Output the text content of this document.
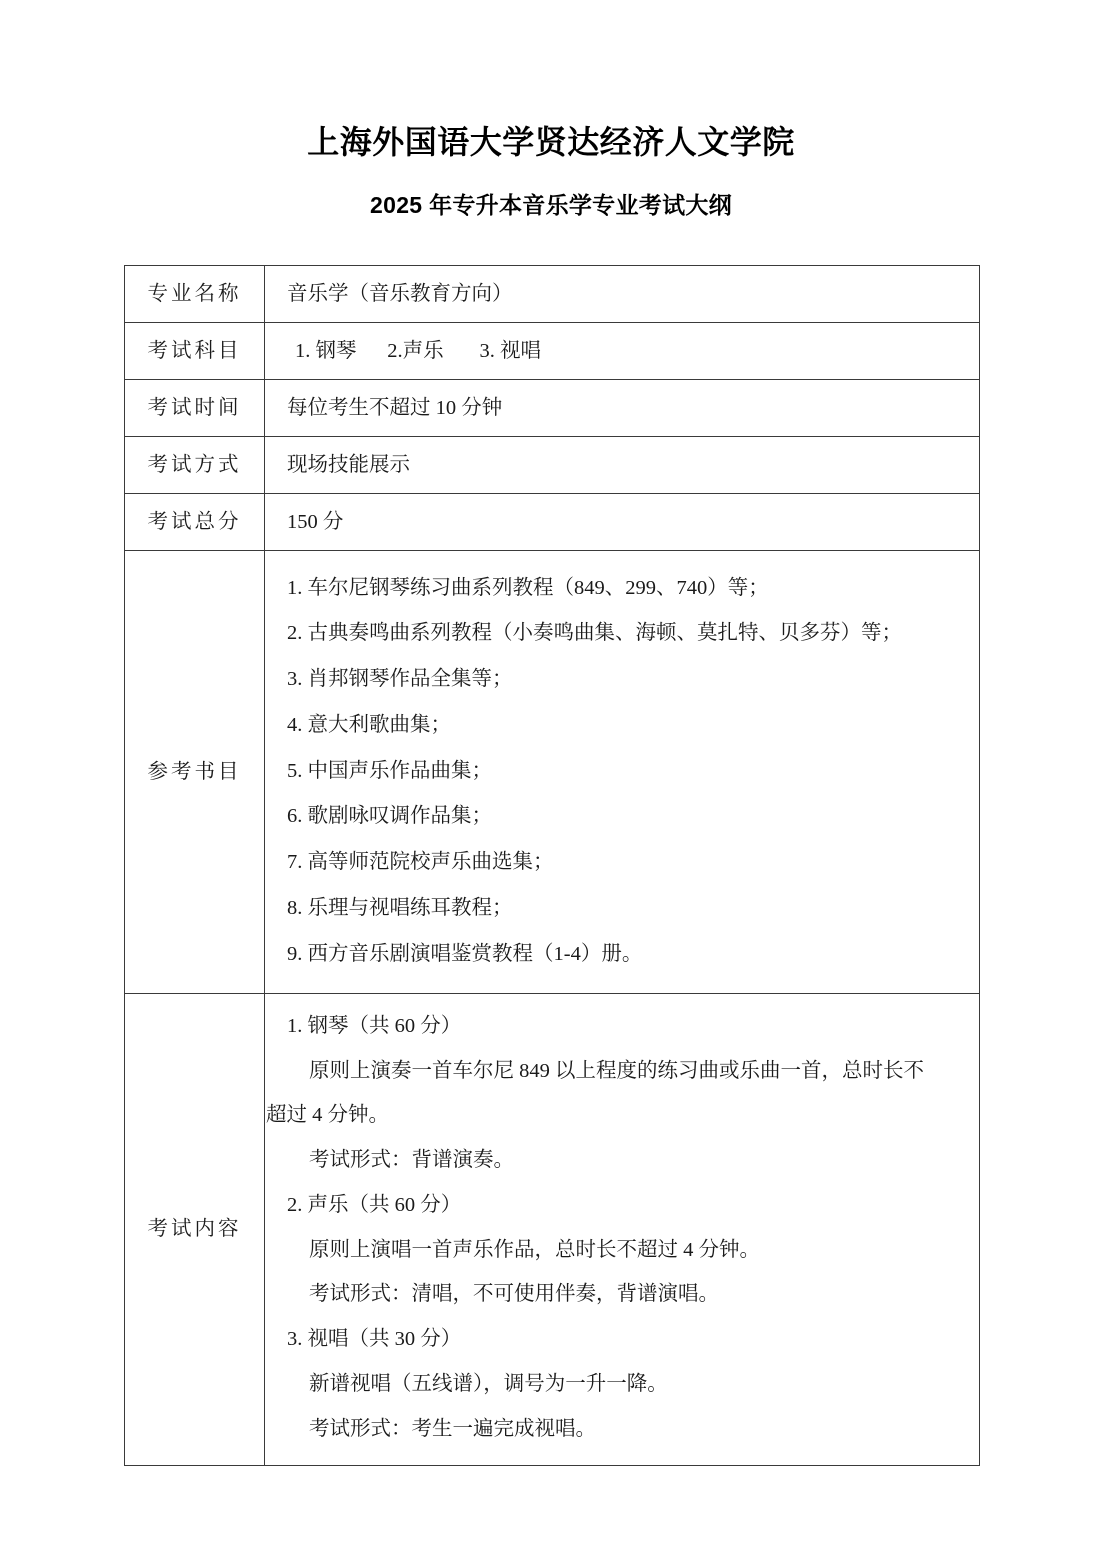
上海外国语大学贤达经济人文学院
2025 年专升本音乐学专业考试大纲
专业名称	音乐学（音乐教育方向）
考试科目	1. 钢琴      2.声乐       3. 视唱

考试时间	每位考生不超过 10 分钟
考试方式	现场技能展示
考试总分	150 分
参考书目	
1. 车尔尼钢琴练习曲系列教程（849、299、740）等；
2. 古典奏鸣曲系列教程（小奏鸣曲集、海顿、莫扎特、贝多芬）等；
3. 肖邦钢琴作品全集等；
4. 意大利歌曲集；
5. 中国声乐作品曲集；
6. 歌剧咏叹调作品集；
7. 高等师范院校声乐曲选集；
8. 乐理与视唱练耳教程；
9. 西方音乐剧演唱鉴赏教程（1-4）册。

考试内容	
1. 钢琴（共 60 分）
原则上演奏一首车尔尼 849 以上程度的练习曲或乐曲一首，总时长不
超过 4 分钟。
考试形式：背谱演奏。
2. 声乐（共 60 分）
原则上演唱一首声乐作品，总时长不超过 4 分钟。
考试形式：清唱，不可使用伴奏，背谱演唱。
3. 视唱（共 30 分）
新谱视唱（五线谱），调号为一升一降。
考试形式：考生一遍完成视唱。
